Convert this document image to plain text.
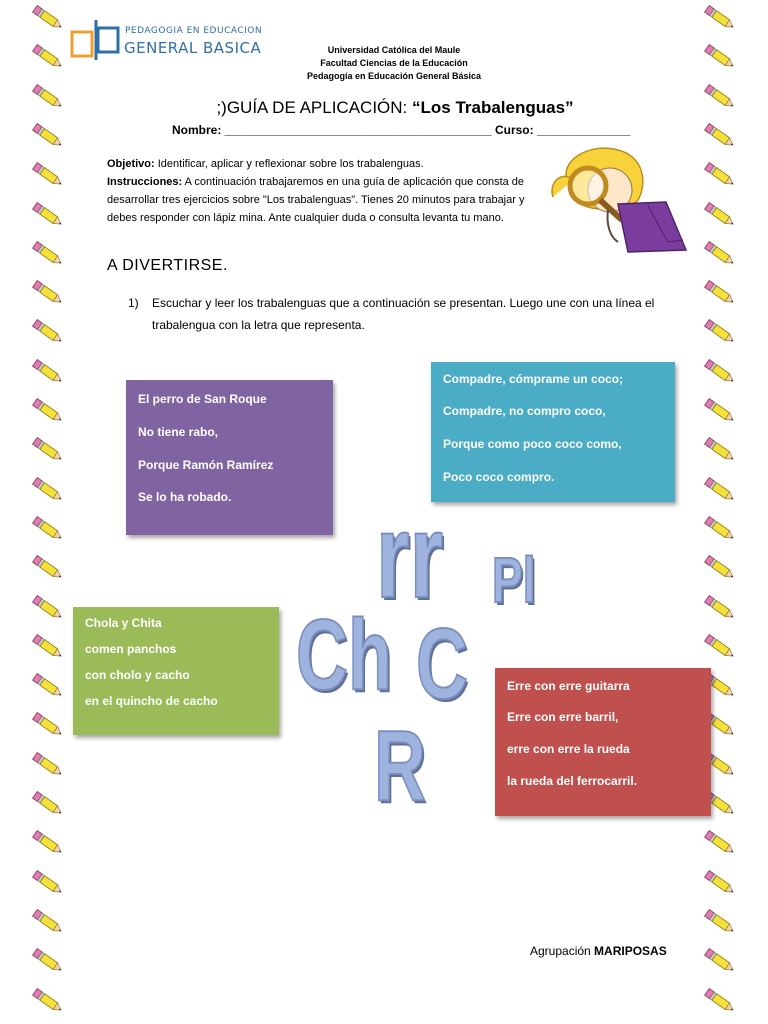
PEDAGOGIA EN EDUCACION
GENERAL BASICA	Universidad Católica del Maule
Facultad Ciencias de la Educación
Pedagogía en Educación General Básica
;)GUÍA DE APLICACIÓN: “Los Trabalenguas”
Nombre: ________________________________________ Curso: ______________
Objetivo: Identificar, aplicar y reflexionar sobre los trabalenguas.
Instrucciones: A continuación trabajaremos en una guía de aplicación que consta de desarrollar tres ejercicios sobre "Los trabalenguas". Tienes 20 minutos para trabajar y debes responder con lápiz mina. Ante cualquier duda o consulta levanta tu mano.
A DIVERTIRSE.
1) Escuchar y leer los trabalenguas que a continuación se presentan. Luego une con una línea el trabalengua con la letra que representa.
El perro de San Roque
No tiene rabo,
Porque Ramón Ramírez
Se lo ha robado.
Compadre, cómprame un coco;
Compadre, no compro coco,
Porque como poco coco como,
Poco coco compro.
Chola y Chita
comen panchos
con cholo y cacho
en el quincho de cacho
Erre con erre guitarra
Erre con erre barril,
erre con erre la rueda
la rueda del ferrocarril.
rr Pl
Ch C
R
Agrupación MARIPOSAS
